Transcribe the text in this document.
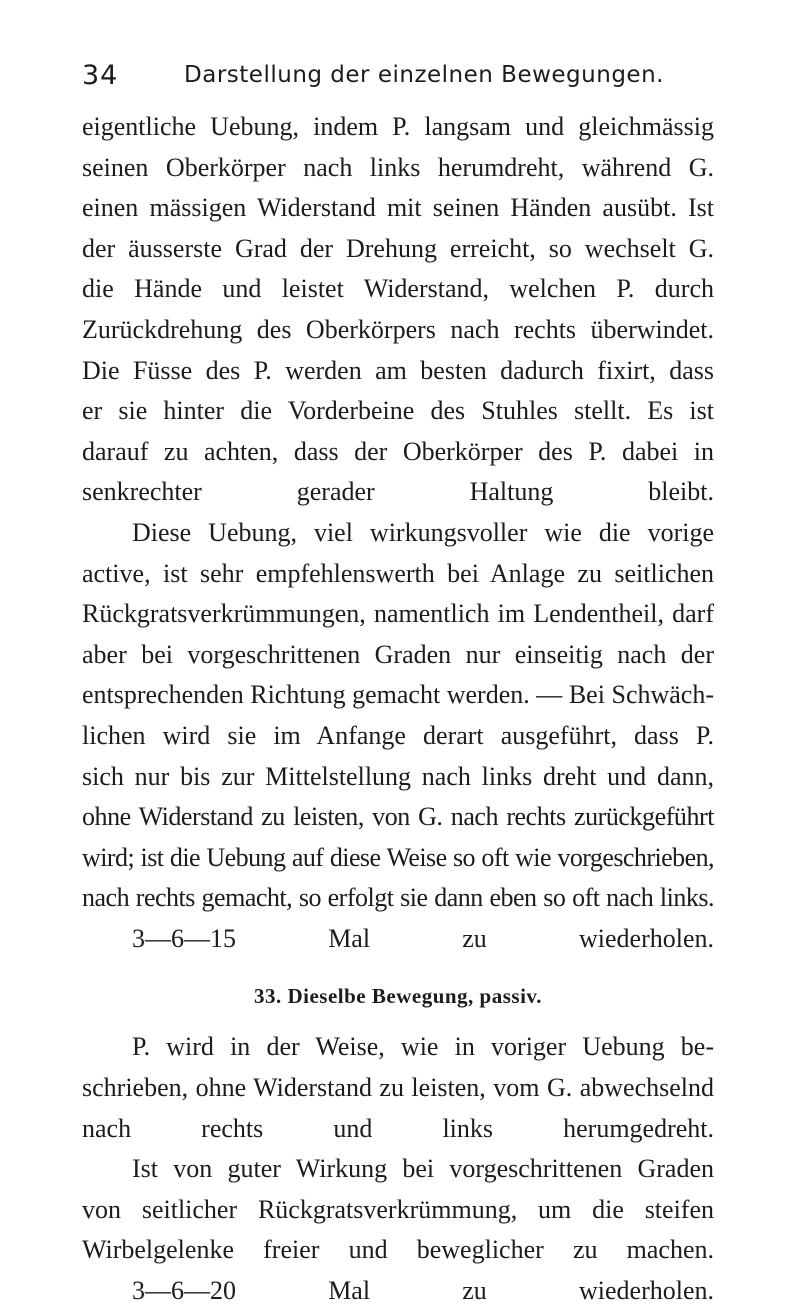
34	Darstellung der einzelnen Bewegungen.
eigentliche Uebung, indem P. langsam und gleichmässig
seinen Oberkörper nach links herumdreht, während G.
einen mässigen Widerstand mit seinen Händen ausübt. Ist
der äusserste Grad der Drehung erreicht, so wechselt G.
die Hände und leistet Widerstand, welchen P. durch
Zurückdrehung des Oberkörpers nach rechts überwindet.
Die Füsse des P. werden am besten dadurch fixirt, dass
er sie hinter die Vorderbeine des Stuhles stellt. Es ist
darauf zu achten, dass der Oberkörper des P. dabei in
senkrechter gerader Haltung bleibt.
Diese Uebung, viel wirkungsvoller wie die vorige
active, ist sehr empfehlenswerth bei Anlage zu seitlichen
Rückgratsverkrümmungen, namentlich im Lendentheil, darf
aber bei vorgeschrittenen Graden nur einseitig nach der
entsprechenden Richtung gemacht werden. — Bei Schwäch-
lichen wird sie im Anfange derart ausgeführt, dass P.
sich nur bis zur Mittelstellung nach links dreht und dann,
ohne Widerstand zu leisten, von G. nach rechts zurückgeführt
wird; ist die Uebung auf diese Weise so oft wie vorgeschrieben,
nach rechts gemacht, so erfolgt sie dann eben so oft nach links.
3—6—15 Mal zu wiederholen.
33. Dieselbe Bewegung, passiv.
P. wird in der Weise, wie in voriger Uebung be-
schrieben, ohne Widerstand zu leisten, vom G. abwechselnd
nach rechts und links herumgedreht.
Ist von guter Wirkung bei vorgeschrittenen Graden
von seitlicher Rückgratsverkrümmung, um die steifen
Wirbelgelenke freier und beweglicher zu machen.
3—6—20 Mal zu wiederholen.
